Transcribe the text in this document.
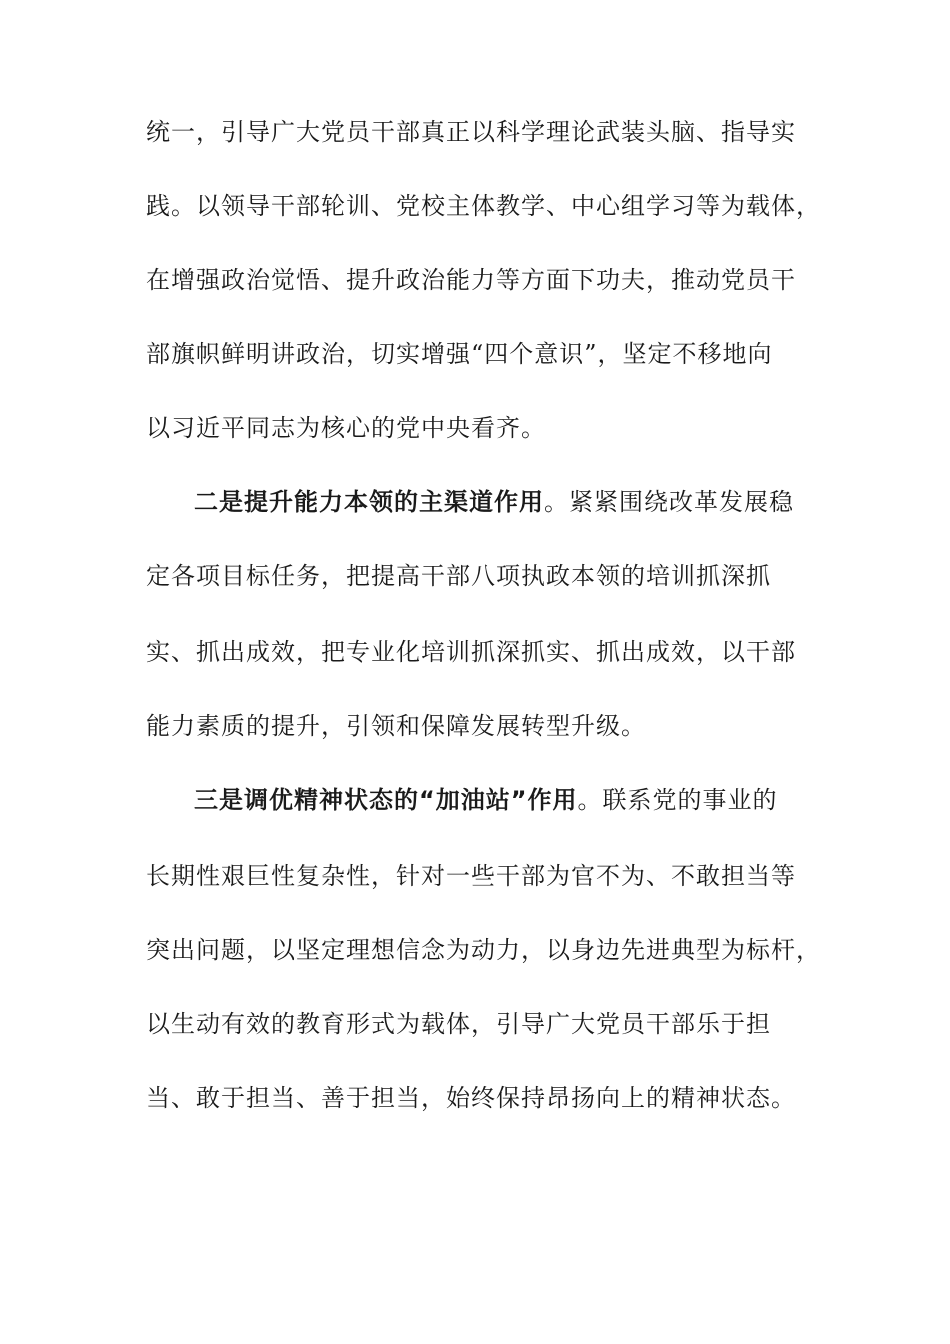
统一，引导广大党员干部真正以科学理论武装头脑、指导实
践。以领导干部轮训、党校主体教学、中心组学习等为载体，
在增强政治觉悟、提升政治能力等方面下功夫，推动党员干
部旗帜鲜明讲政治，切实增强“四个意识”，坚定不移地向
以习近平同志为核心的党中央看齐。
二是提升能力本领的主渠道作用。紧紧围绕改革发展稳
定各项目标任务，把提高干部八项执政本领的培训抓深抓
实、抓出成效，把专业化培训抓深抓实、抓出成效，以干部
能力素质的提升，引领和保障发展转型升级。
三是调优精神状态的“加油站”作用。联系党的事业的
长期性艰巨性复杂性，针对一些干部为官不为、不敢担当等
突出问题，以坚定理想信念为动力，以身边先进典型为标杆，
以生动有效的教育形式为载体，引导广大党员干部乐于担
当、敢于担当、善于担当，始终保持昂扬向上的精神状态。
